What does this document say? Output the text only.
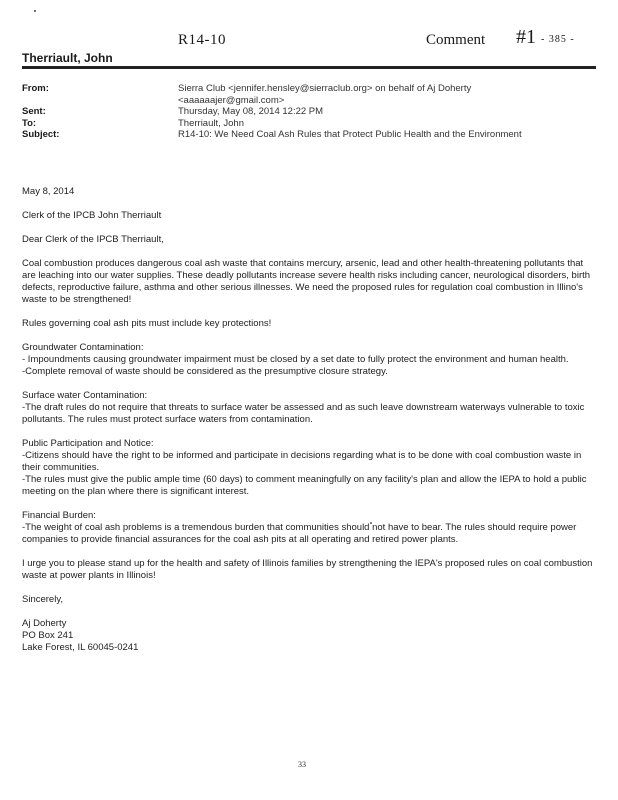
R14-10	Comment #1 - 385 -
Therriault, John
From:	Sierra Club <jennifer.hensley@sierraclub.org> on behalf of Aj Doherty <aaaaaajer@gmail.com>
Sent:	Thursday, May 08, 2014 12:22 PM
To:	Therriault, John
Subject:	R14-10: We Need Coal Ash Rules that Protect Public Health and the Environment

May 8, 2014

Clerk of the IPCB John Therriault

Dear Clerk of the IPCB Therriault,

Coal combustion produces dangerous coal ash waste that contains mercury, arsenic, lead and other health-threatening pollutants that are leaching into our water supplies. These deadly pollutants increase severe health risks including cancer, neurological disorders, birth defects, reproductive failure, asthma and other serious illnesses. We need the proposed rules for regulation coal combustion in Illino's waste to be strengthened!

Rules governing coal ash pits must include key protections!

Groundwater Contamination:
- Impoundments causing groundwater impairment must be closed by a set date to fully protect the environment and human health.
-Complete removal of waste should be considered as the presumptive closure strategy.
Surface water Contamination:
-The draft rules do not require that threats to surface water be assessed and as such leave downstream waterways vulnerable to toxic pollutants. The rules must protect surface waters from contamination.
Public Participation and Notice:
-Citizens should have the right to be informed and participate in decisions regarding what is to be done with coal combustion waste in their communities.
-The rules must give the public ample time (60 days) to comment meaningfully on any facility's plan and allow the IEPA to hold a public meeting on the plan where there is significant interest.
Financial Burden:
-The weight of coal ash problems is a tremendous burden that communities should not have to bear. The rules should require power companies to provide financial assurances for the coal ash pits at all operating and retired power plants.

I urge you to please stand up for the health and safety of Illinois families by strengthening the IEPA's proposed rules on coal combustion waste at power plants in Illinois!

Sincerely,

Aj Doherty
PO Box 241
Lake Forest, IL 60045-0241
33
